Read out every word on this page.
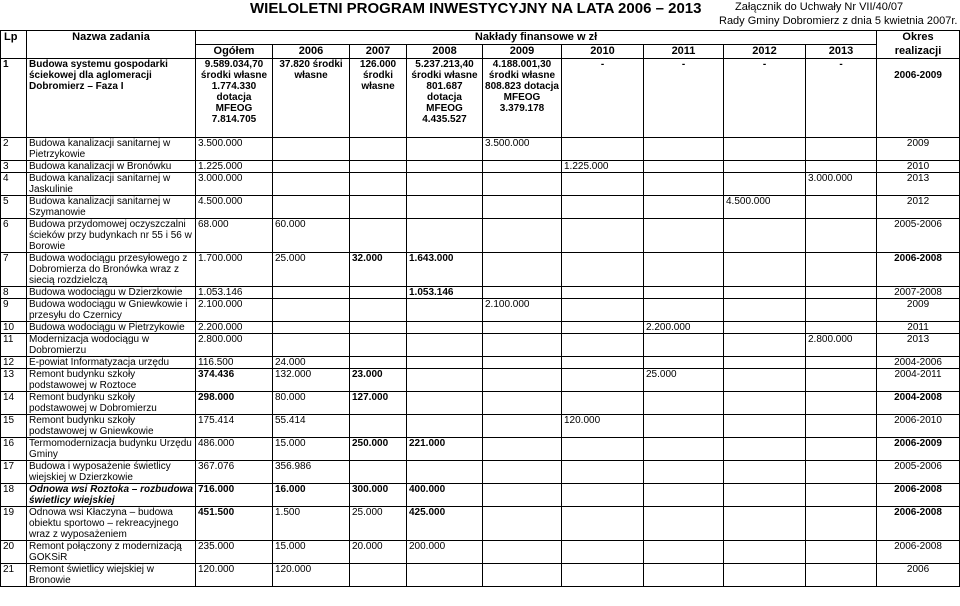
WIELOLETNI PROGRAM INWESTYCYJNY NA LATA 2006 – 2013	Załącznik do Uchwały Nr VII/40/07
Rady Gminy Dobromierz z dnia 5 kwietnia 2007r.
Lp	Nazwa zadania	Nakłady finansowe w zł									Okres
		Ogółem	2006	2007	2008	2009	2010	2011	2012	2013	realizacji
1	Budowa systemu gospodarki ściekowej dla aglomeracji Dobromierz – Faza I	9.589.034,70 środki własne 1.774.330 dotacja MFEOG 7.814.705	37.820 środki własne	126.000 środki własne	5.237.213,40 środki własne 801.687 dotacja MFEOG 4.435.527	4.188.001,30 środki własne 808.823 dotacja MFEOG 3.379.178	-	-	-	-	2006-2009
2	Budowa kanalizacji sanitarnej w Pietrzykowie	3.500.000				3.500.000					2009
3	Budowa kanalizacji w Bronówku	1.225.000					1.225.000				2010
4	Budowa kanalizacji sanitarnej w Jaskulinie	3.000.000								3.000.000	2013
5	Budowa kanalizacji sanitarnej w Szymanowie	4.500.000							4.500.000		2012
6	Budowa przydomowej oczyszczalni ścieków przy budynkach nr 55 i 56 w Borowie	68.000	60.000								2005-2006
7	Budowa wodociągu przesyłowego z Dobromierza do Bronówka wraz z siecią rozdzielczą	1.700.000	25.000	32.000	1.643.000						2006-2008
8	Budowa wodociągu w Dzierzkowie	1.053.146			1.053.146						2007-2008
9	Budowa wodociągu w Gniewkowie i przesyłu do Czernicy	2.100.000				2.100.000					2009
10	Budowa wodociągu w Pietrzykowie	2.200.000						2.200.000			2011
11	Modernizacja wodociągu w Dobromierzu	2.800.000								2.800.000	2013
12	E-powiat Informatyzacja urzędu	116.500	24.000								2004-2006
13	Remont budynku szkoły podstawowej w Roztoce	374.436	132.000	23.000				25.000			2004-2011
14	Remont budynku szkoły podstawowej w Dobromierzu	298.000	80.000	127.000							2004-2008
15	Remont budynku szkoły podstawowej w Gniewkowie	175.414	55.414				120.000				2006-2010
16	Termomodernizacja budynku Urzędu Gminy	486.000	15.000	250.000	221.000						2006-2009
17	Budowa i wyposażenie świetlicy wiejskiej w Dzierzkowie	367.076	356.986								2005-2006
18	Odnowa wsi Roztoka – rozbudowa świetlicy wiejskiej	716.000	16.000	300.000	400.000						2006-2008
19	Odnowa wsi Kłaczyna – budowa obiektu sportowo – rekreacyjnego wraz z wyposażeniem	451.500	1.500	25.000	425.000						2006-2008
20	Remont połączony z modernizacją GOKSiR	235.000	15.000	20.000	200.000						2006-2008
21	Remont świetlicy wiejskiej w Bronowie	120.000	120.000								2006
